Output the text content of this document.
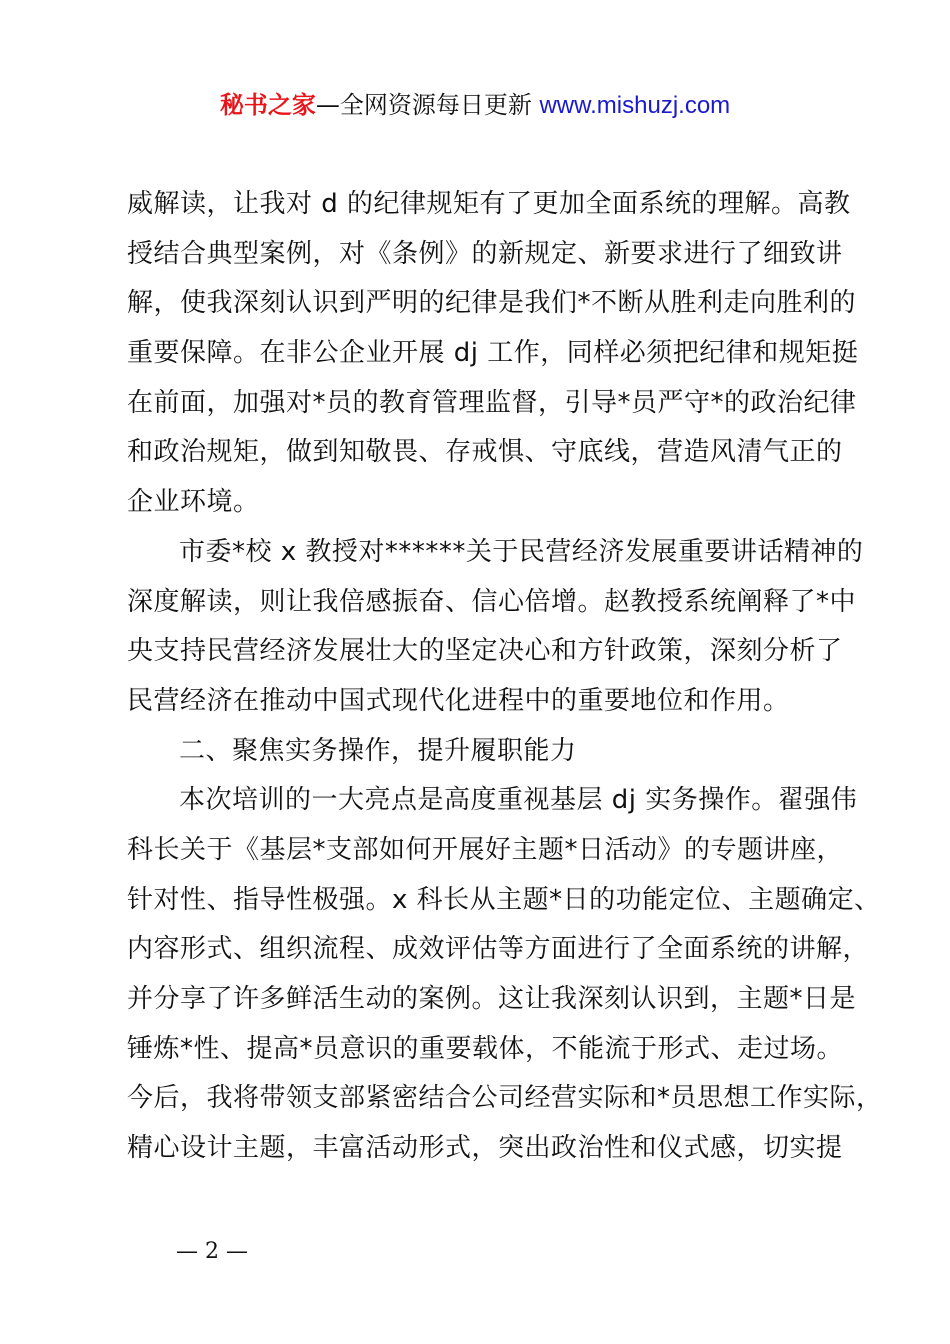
秘书之家—全网资源每日更新 www.mishuzj.com
威解读，让我对 d 的纪律规矩有了更加全面系统的理解。高教
授结合典型案例，对《条例》的新规定、新要求进行了细致讲
解，使我深刻认识到严明的纪律是我们*不断从胜利走向胜利的
重要保障。在非公企业开展 dj 工作，同样必须把纪律和规矩挺
在前面，加强对*员的教育管理监督，引导*员严守*的政治纪律
和政治规矩，做到知敬畏、存戒惧、守底线，营造风清气正的
企业环境。
市委*校 x 教授对******关于民营经济发展重要讲话精神的
深度解读，则让我倍感振奋、信心倍增。赵教授系统阐释了*中
央支持民营经济发展壮大的坚定决心和方针政策，深刻分析了
民营经济在推动中国式现代化进程中的重要地位和作用。
二、聚焦实务操作，提升履职能力
本次培训的一大亮点是高度重视基层 dj 实务操作。翟强伟
科长关于《基层*支部如何开展好主题*日活动》的专题讲座，
针对性、指导性极强。x 科长从主题*日的功能定位、主题确定、
内容形式、组织流程、成效评估等方面进行了全面系统的讲解，
并分享了许多鲜活生动的案例。这让我深刻认识到，主题*日是
锤炼*性、提高*员意识的重要载体，不能流于形式、走过场。
今后，我将带领支部紧密结合公司经营实际和*员思想工作实际，
精心设计主题，丰富活动形式，突出政治性和仪式感，切实提
— 2 —
